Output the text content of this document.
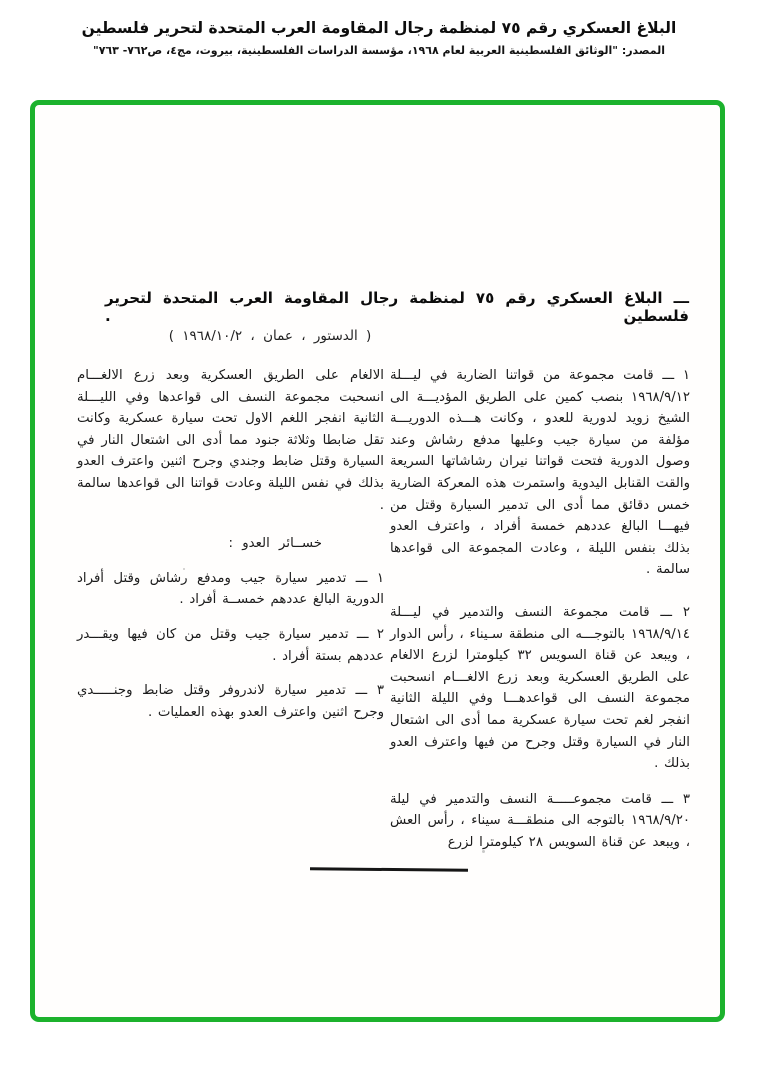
البلاغ العسكري رقم ٧٥ لمنظمة رجال المقاومة العرب المتحدة لتحرير فلسطين
المصدر: "الوثائق الفلسطينية العربية لعام ١٩٦٨، مؤسسة الدراسات الفلسطينية، بيروت، مج٤، ص٧٦٢- ٧٦٣"
ـــ البلاغ العسكري رقم ٧٥ لمنظمة رجال المقاومة العرب المتحدة لتحرير فلسطين .
( الدستور ، عمان ، ١٩٦٨/١٠/٢ )

١ ـــ قامت مجموعة من قواتنا الضاربة في ليـــلة ١٩٦٨/٩/١٢ بنصب كمين على الطريق المؤديـــة الى الشيخ زويد لدورية للعدو ، وكانت هـــذه الدوريـــة مؤلفة من سيارة جيب وعليها مدفع رشاش وعند وصول الدورية فتحت قواتنا نيران رشاشاتها السريعة والقت القنابل اليدوية واستمرت هذه المعركة الضارية خمس دقائق مما أدى الى تدمير السيارة وقتل من فيهـــا البالغ عددهم خمسة أفراد ، واعترف العدو بذلك بنفس الليلة ، وعادت المجموعة الى قواعدها سالمة .

٢ ـــ قامت مجموعة النسف والتدمير في ليـــلة ١٩٦٨/٩/١٤ بالتوجـــه الى منطقة سـيناء ، رأس الدوار ، ويبعد عن قناة السويس ٣٢ كيلومترا لزرع الالغام على الطريق العسكرية وبعد زرع الالغـــام انسحبت مجموعة النسف الى قواعدهـــا وفي الليلة الثانية انفجر لغم تحت سيارة عسكرية مما أدى الى اشتعال النار في السيارة وقتل وجرح من فيها واعترف العدو بذلك .

٣ ـــ قامت مجموعـــــة النسف والتدمير في ليلة ١٩٦٨/٩/٢٠ بالتوجه الى منطقـــة سيناء ، رأس العش ، ويبعد عن قناة السويس ٢٨ كيلومترا لزرع

الالغام على الطريق العسكرية وبعد زرع الالغـــام انسحبت مجموعة النسف الى قواعدها وفي الليـــلة الثانية انفجر اللغم الاول تحت سيارة عسكرية وكانت تقل ضابطا وثلاثة جنود مما أدى الى اشتعال النار في السيارة وقتل ضابط وجندي وجرح اثنين واعترف العدو بذلك في نفس الليلة وعادت قواتنا الى قواعدها سالمة .

خســائر العدو :

١ ـــ تدمير سيارة جيب ومدفع رشاش وقتل أفراد الدورية البالغ عددهم خمســة أفراد .

٢ ـــ تدمير سيارة جيب وقتل من كان فيها ويقـــدر عددهم بستة أفراد .

٣ ـــ تدمير سيارة لاندروفر وقتل ضابط وجنـــــدي وجرح اثنين واعترف العدو بهذه العمليات .
